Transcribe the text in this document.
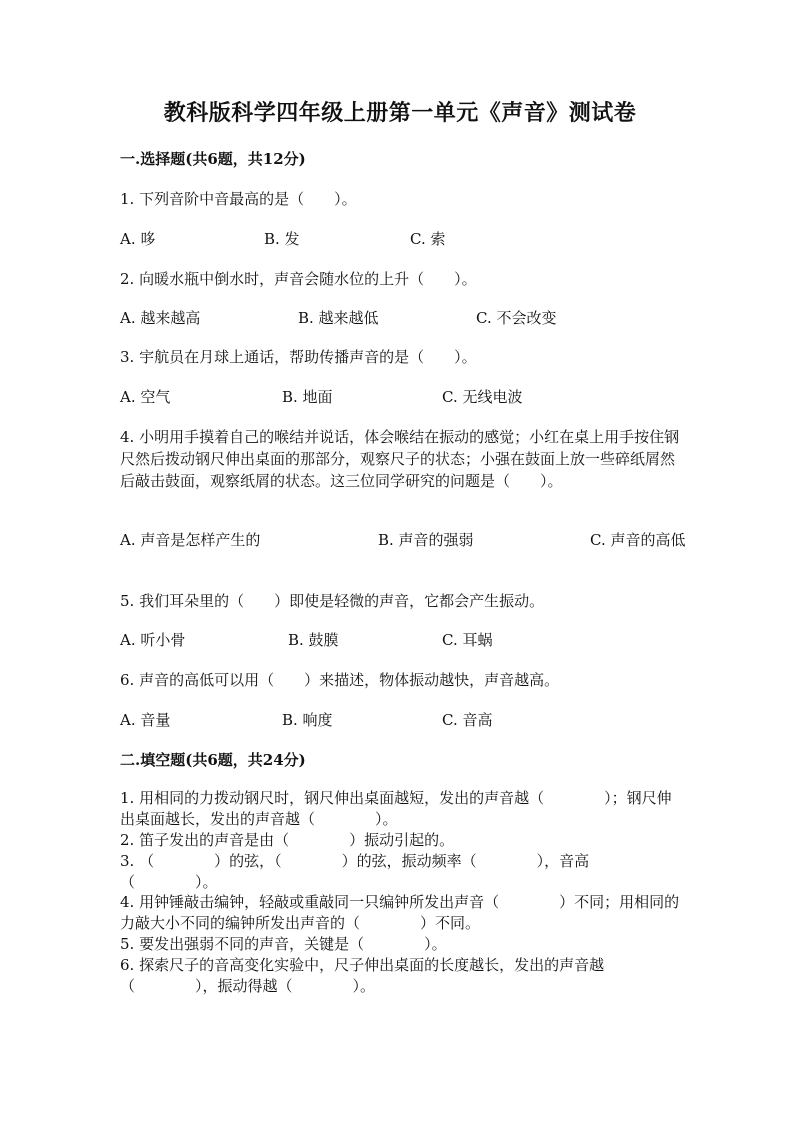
教科版科学四年级上册第一单元《声音》测试卷
一.选择题(共6题，共12分)
1. 下列音阶中音最高的是（　　）。
A. 哆	B. 发	C. 索
2. 向暖水瓶中倒水时，声音会随水位的上升（　　）。
A. 越来越高	B. 越来越低	C. 不会改变
3. 宇航员在月球上通话，帮助传播声音的是（　　）。
A. 空气	B. 地面	C. 无线电波
4. 小明用手摸着自己的喉结并说话，体会喉结在振动的感觉；小红在桌上用手按住钢尺然后拨动钢尺伸出桌面的那部分，观察尺子的状态；小强在鼓面上放一些碎纸屑然后敲击鼓面，观察纸屑的状态。这三位同学研究的问题是（　　）。
A. 声音是怎样产生的	B. 声音的强弱	C. 声音的高低
5. 我们耳朵里的（　　）即使是轻微的声音，它都会产生振动。
A. 听小骨	B. 鼓膜	C. 耳蜗
6. 声音的高低可以用（　　）来描述，物体振动越快，声音越高。
A. 音量	B. 响度	C. 音高
二.填空题(共6题，共24分)
1. 用相同的力拨动钢尺时，钢尺伸出桌面越短，发出的声音越（　　　　）；钢尺伸出桌面越长，发出的声音越（　　　　）。
2. 笛子发出的声音是由（　　　　）振动引起的。
3. （　　　　）的弦，（　　　　）的弦，振动频率（　　　　），音高（　　　　）。
4. 用钟锤敲击编钟，轻敲或重敲同一只编钟所发出声音（　　　　）不同；用相同的力敲大小不同的编钟所发出声音的（　　　　）不同。
5. 要发出强弱不同的声音，关键是（　　　　）。
6. 探索尺子的音高变化实验中，尺子伸出桌面的长度越长，发出的声音越（　　　　），振动得越（　　　　）。
